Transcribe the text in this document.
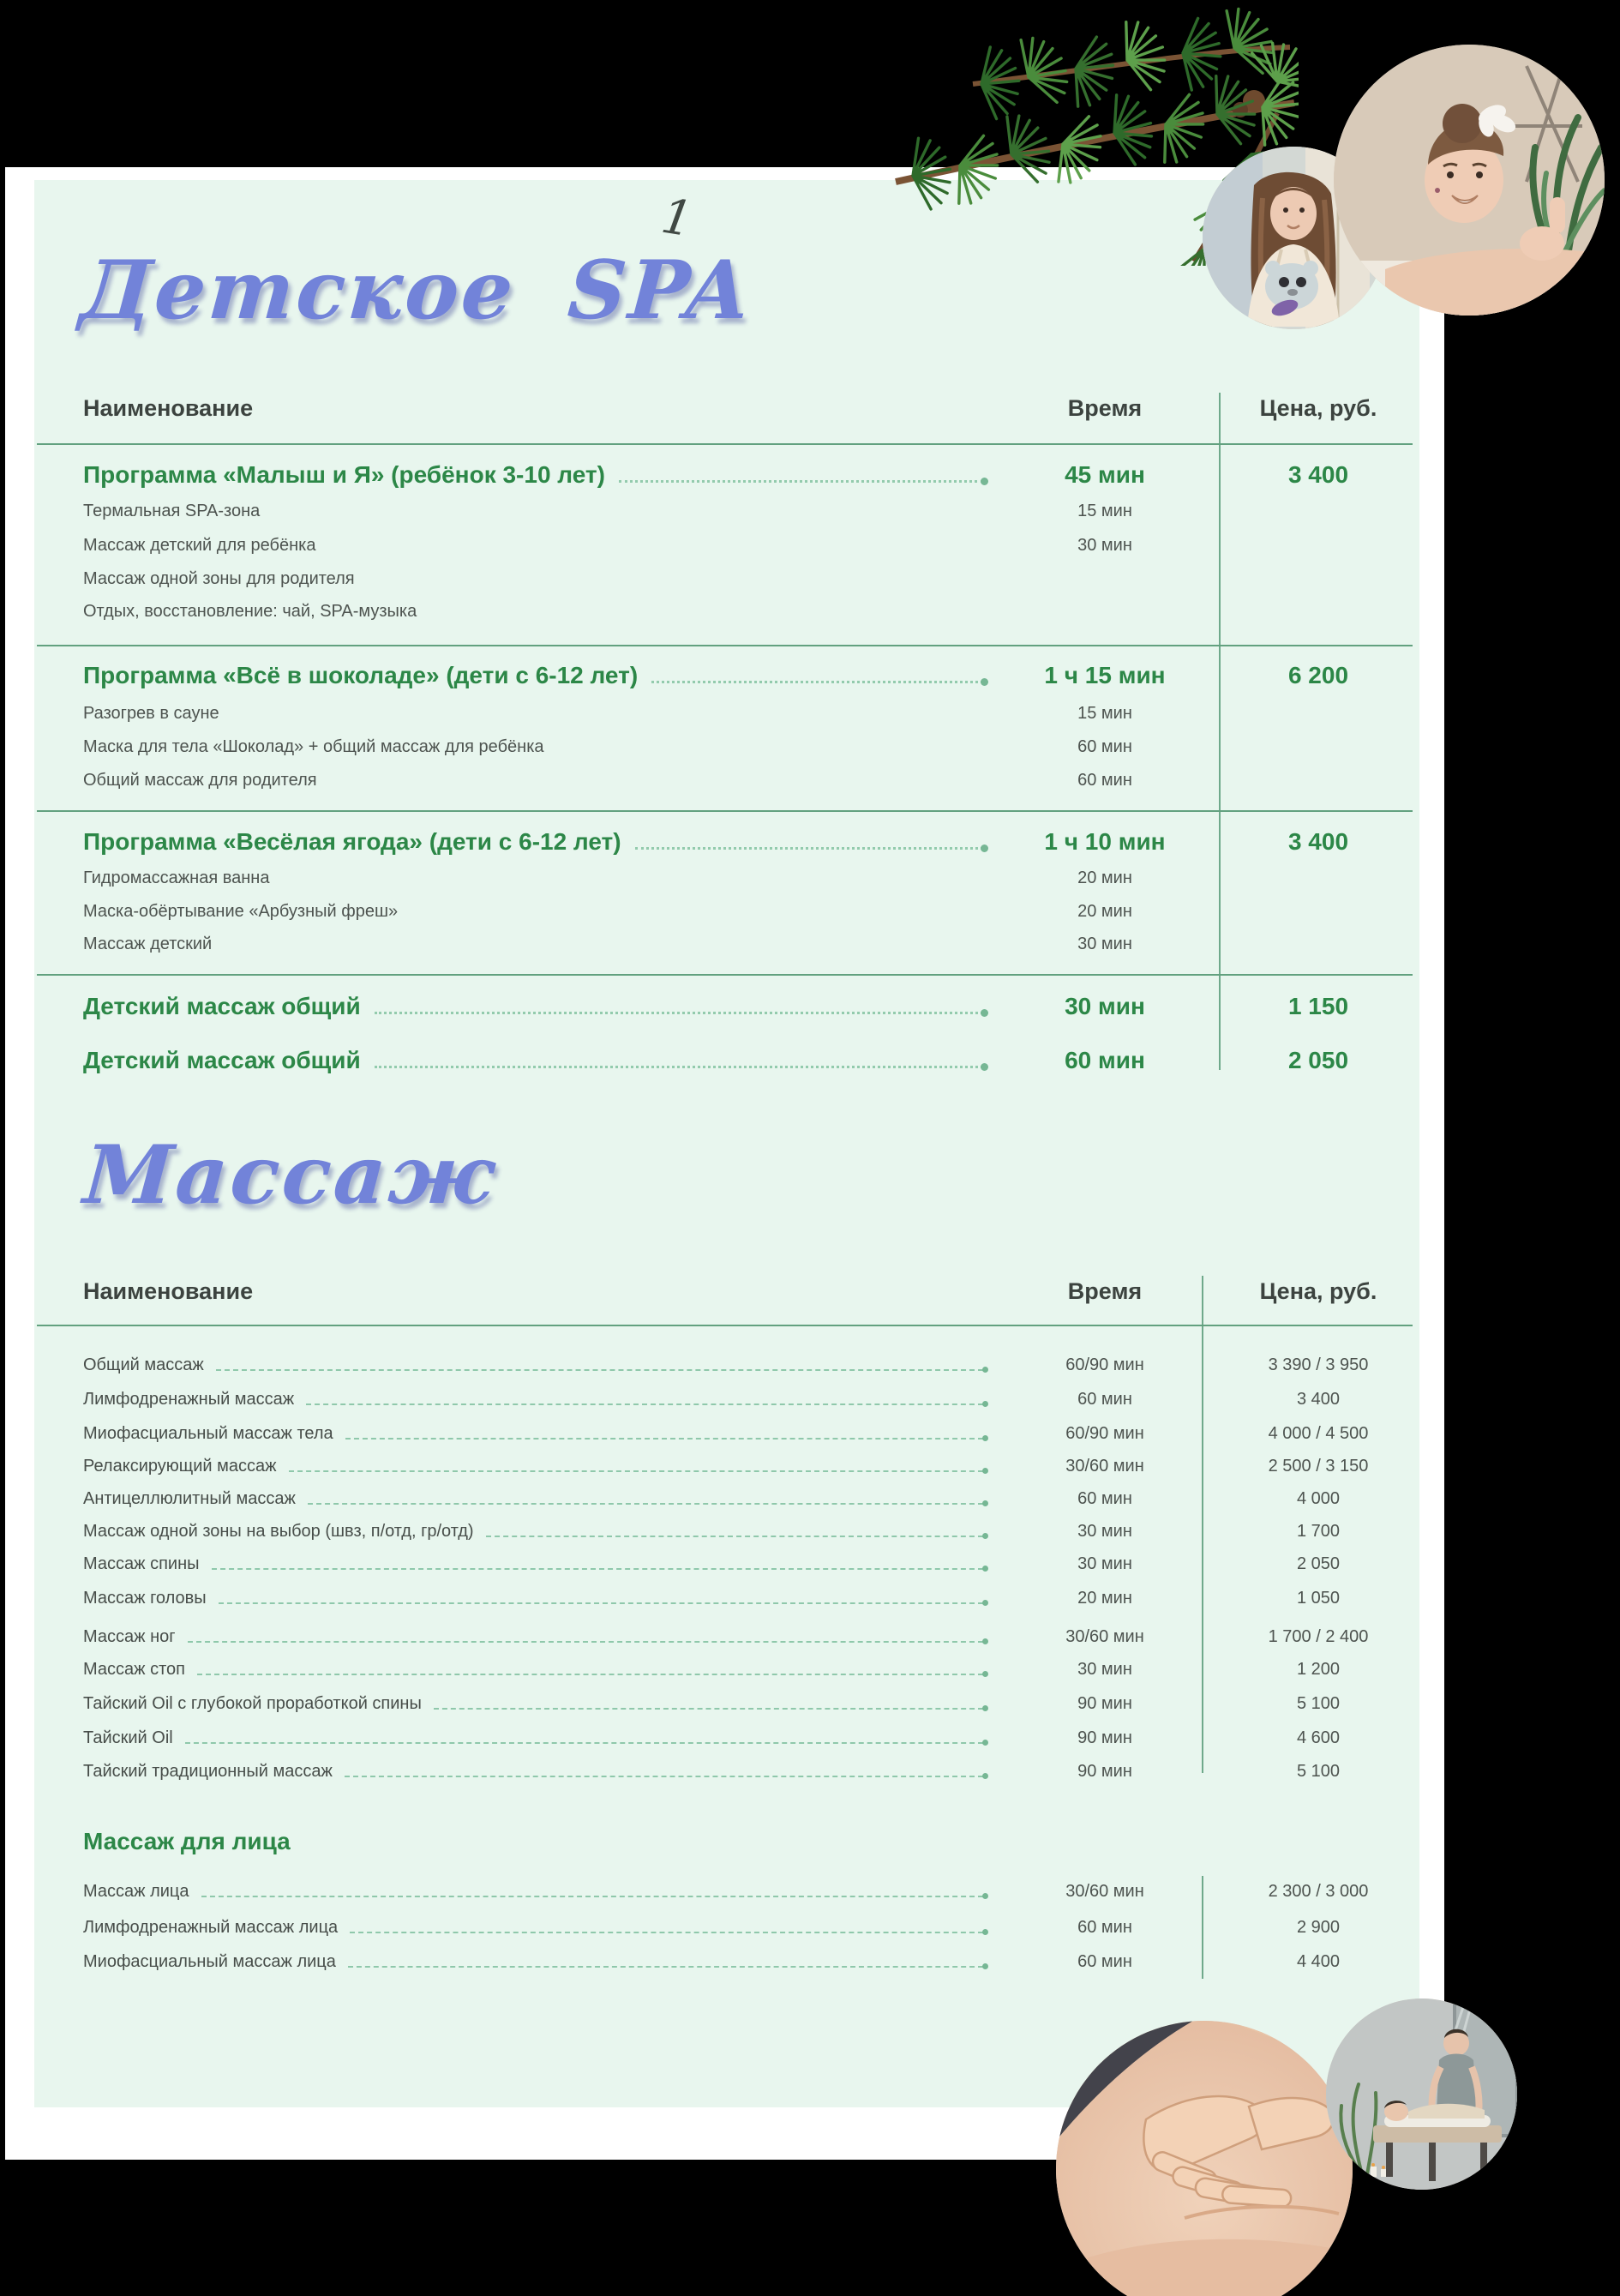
1
Детское SPA
Массаж
Наименование	Время	Цена, руб.
Программа «Малыш и Я» (ребёнок 3-10 лет)	45 мин	3 400
Термальная SPA-зона	15 мин
Массаж детский для ребёнка	30 мин
Массаж одной зоны для родителя
Отдых, восстановление: чай, SPA-музыка
Программа «Всё в шоколаде» (дети с 6-12 лет)	1 ч 15 мин	6 200
Разогрев в сауне	15 мин
Маска для тела «Шоколад» + общий массаж для ребёнка	60 мин
Общий массаж для родителя	60 мин
Программа «Весёлая ягода» (дети с 6-12 лет)	1 ч 10 мин	3 400
Гидромассажная ванна	20 мин
Маска-обёртывание «Арбузный фреш»	20 мин
Массаж детский	30 мин
Детский массаж общий	30 мин	1 150
Детский массаж общий	60 мин	2 050
Наименование	Время	Цена, руб.
Общий массаж	60/90 мин	3 390 / 3 950
Лимфодренажный массаж	60 мин	3 400
Миофасциальный массаж тела	60/90 мин	4 000 / 4 500
Релаксирующий массаж	30/60 мин	2 500 / 3 150
Антицеллюлитный массаж	60 мин	4 000
Массаж одной зоны на выбор (швз, п/отд, гр/отд)	30 мин	1 700
Массаж спины	30 мин	2 050
Массаж головы	20 мин	1 050
Массаж ног	30/60 мин	1 700 / 2 400
Массаж стоп	30 мин	1 200
Тайский Oil с глубокой проработкой спины	90 мин	5 100
Тайский Oil	90 мин	4 600
Тайский традиционный массаж	90 мин	5 100
Массаж для лица
Массаж лица	30/60 мин	2 300 / 3 000
Лимфодренажный массаж лица	60 мин	2 900
Миофасциальный массаж лица	60 мин	4 400
